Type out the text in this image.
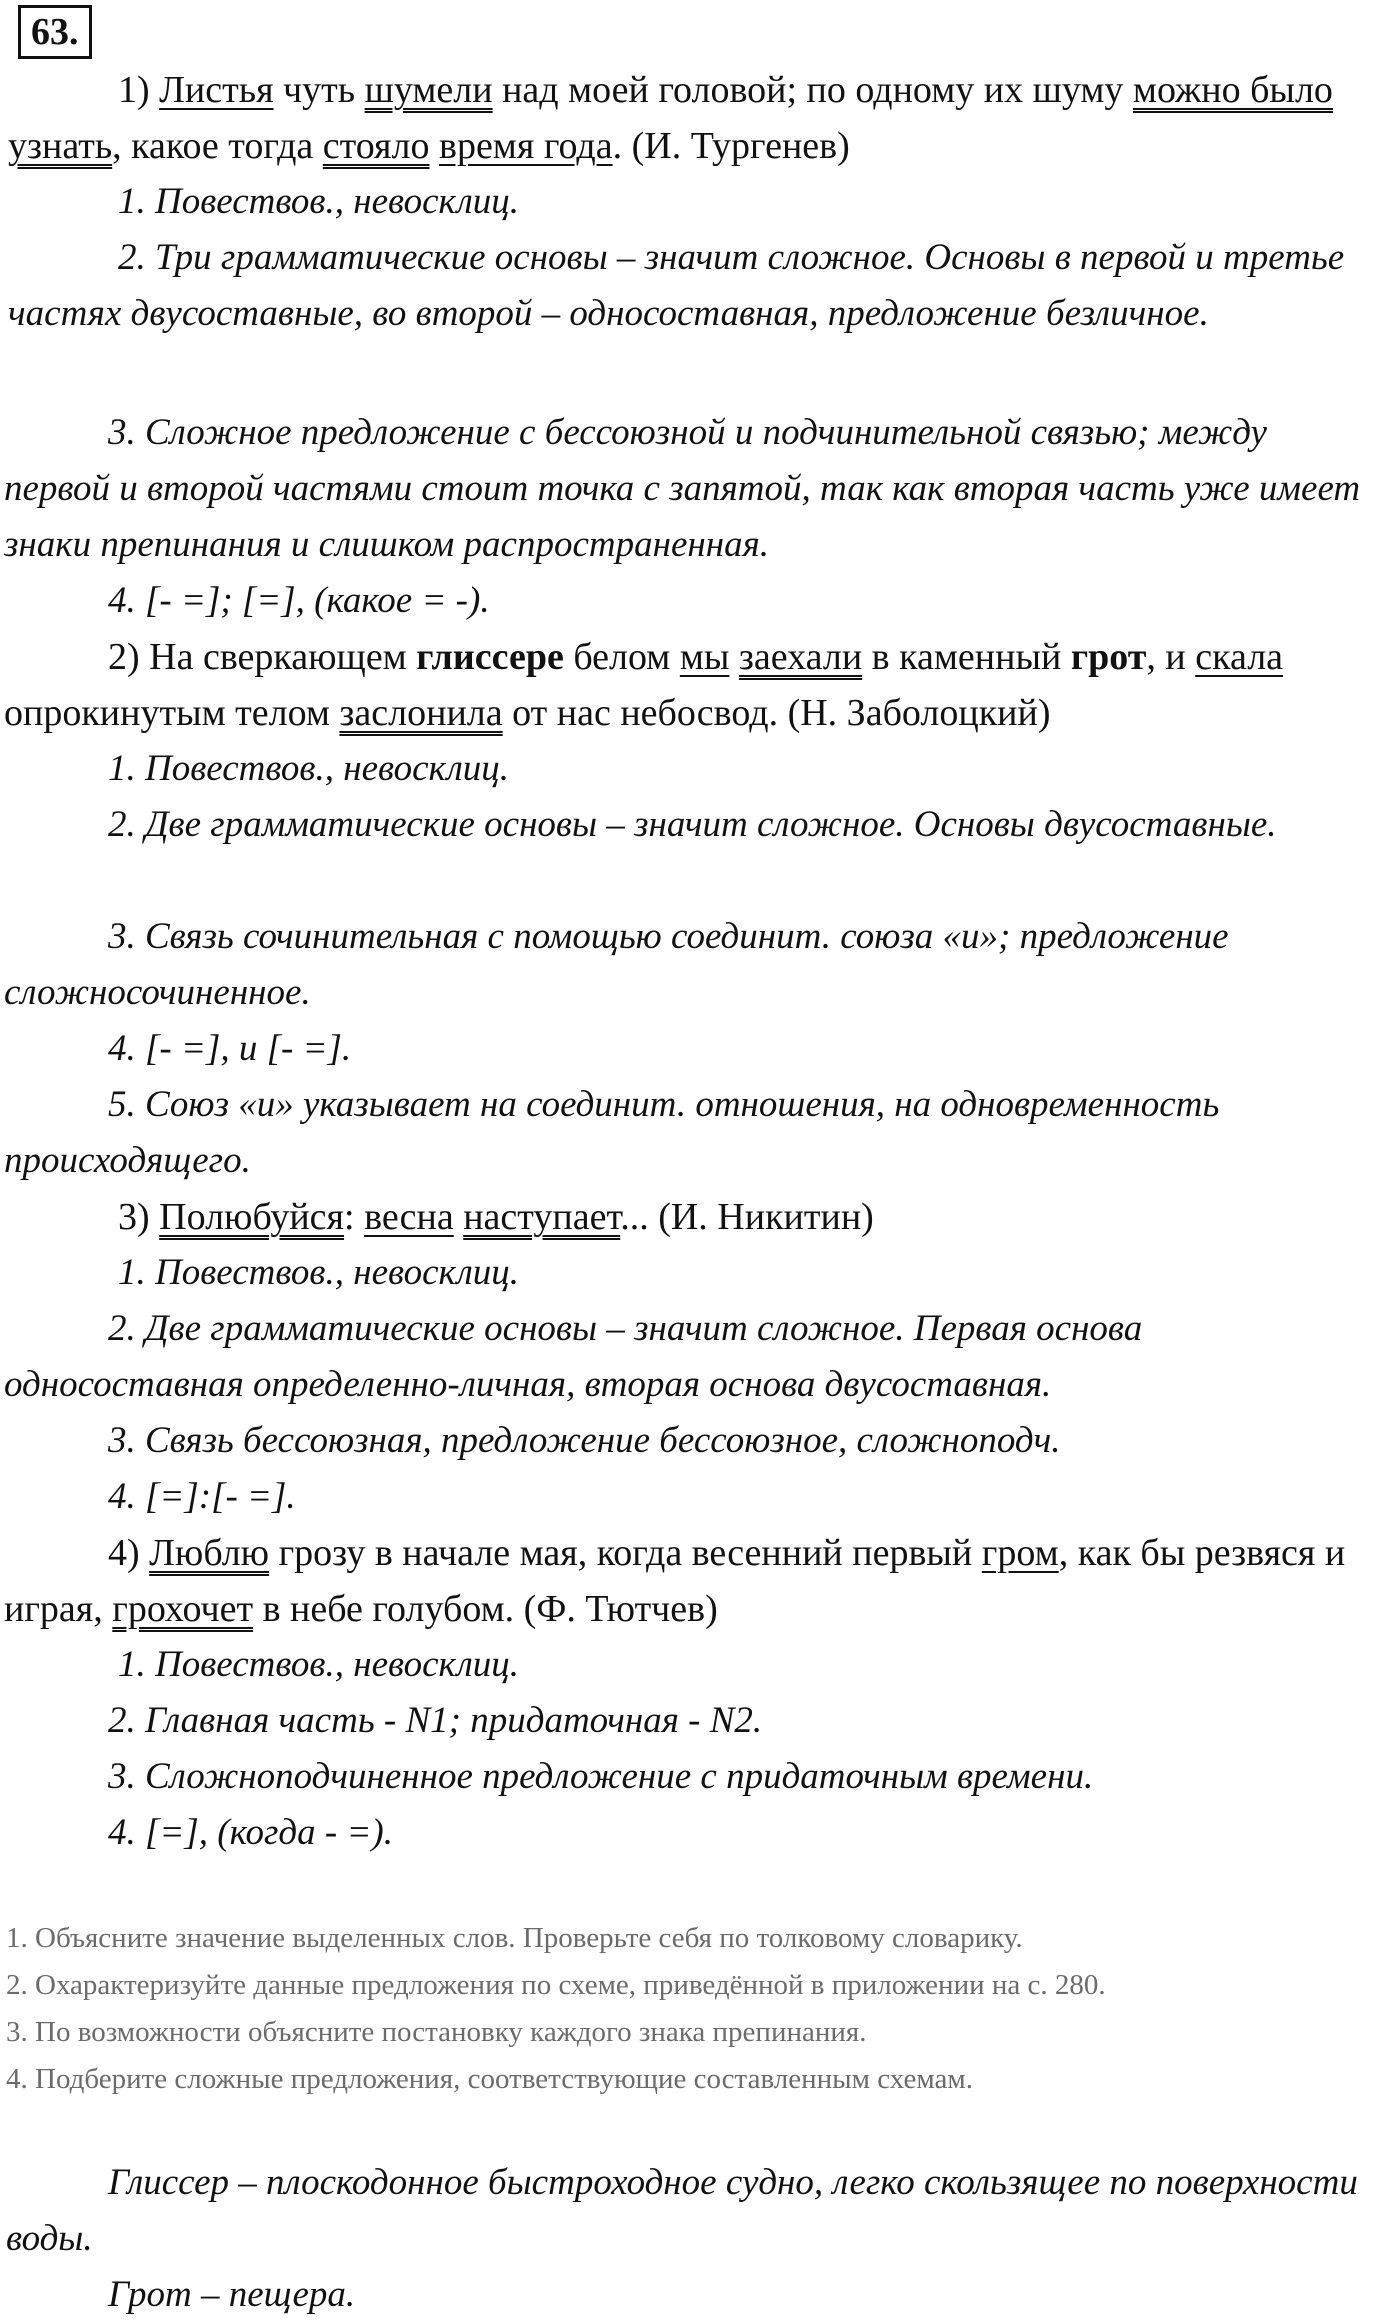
63.

1) Листья чуть шумели над моей головой; по одному их шуму можно было узнать, какое тогда стояло время года. (И. Тургенев)

1. Повествов., невосклиц.

2. Три грамматические основы – значит сложное. Основы в первой и третье частях двусоставные, во второй – односоставная, предложение безличное.

3. Сложное предложение с бессоюзной и подчинительной связью; между первой и второй частями стоит точка с запятой, так как вторая часть уже имеет знаки препинания и слишком распространенная.

4. [- =]; [=], (какое = -).

2) На сверкающем глиссере белом мы заехали в каменный грот, и скала опрокинутым телом заслонила от нас небосвод. (Н. Заболоцкий)

1. Повествов., невосклиц.

2. Две грамматические основы – значит сложное. Основы двусоставные.

3. Связь сочинительная с помощью соединит. союза «и»; предложение сложносочиненное.

4. [- =], и [- =].

5. Союз «и» указывает на соединит. отношения, на одновременность происходящего.

3) Полюбуйся: весна наступает... (И. Никитин)

1. Повествов., невосклиц.

2. Две грамматические основы – значит сложное. Первая основа односоставная определенно-личная, вторая основа двусоставная.

3. Связь бессоюзная, предложение бессоюзное, сложноподч.

4. [=]:[- =].

4) Люблю грозу в начале мая, когда весенний первый гром, как бы резвяся и играя, грохочет в небе голубом. (Ф. Тютчев)

1. Повествов., невосклиц.

2. Главная часть - N1; придаточная - N2.

3. Сложноподчиненное предложение с придаточным времени.

4. [=], (когда - =).

1. Объясните значение выделенных слов. Проверьте себя по толковому словарику.

2. Охарактеризуйте данные предложения по схеме, приведённой в приложении на с. 280.

3. По возможности объясните постановку каждого знака препинания.

4. Подберите сложные предложения, соответствующие составленным схемам.

Глиссер – плоскодонное быстроходное судно, легко скользящее по поверхности воды.

Грот – пещера.
